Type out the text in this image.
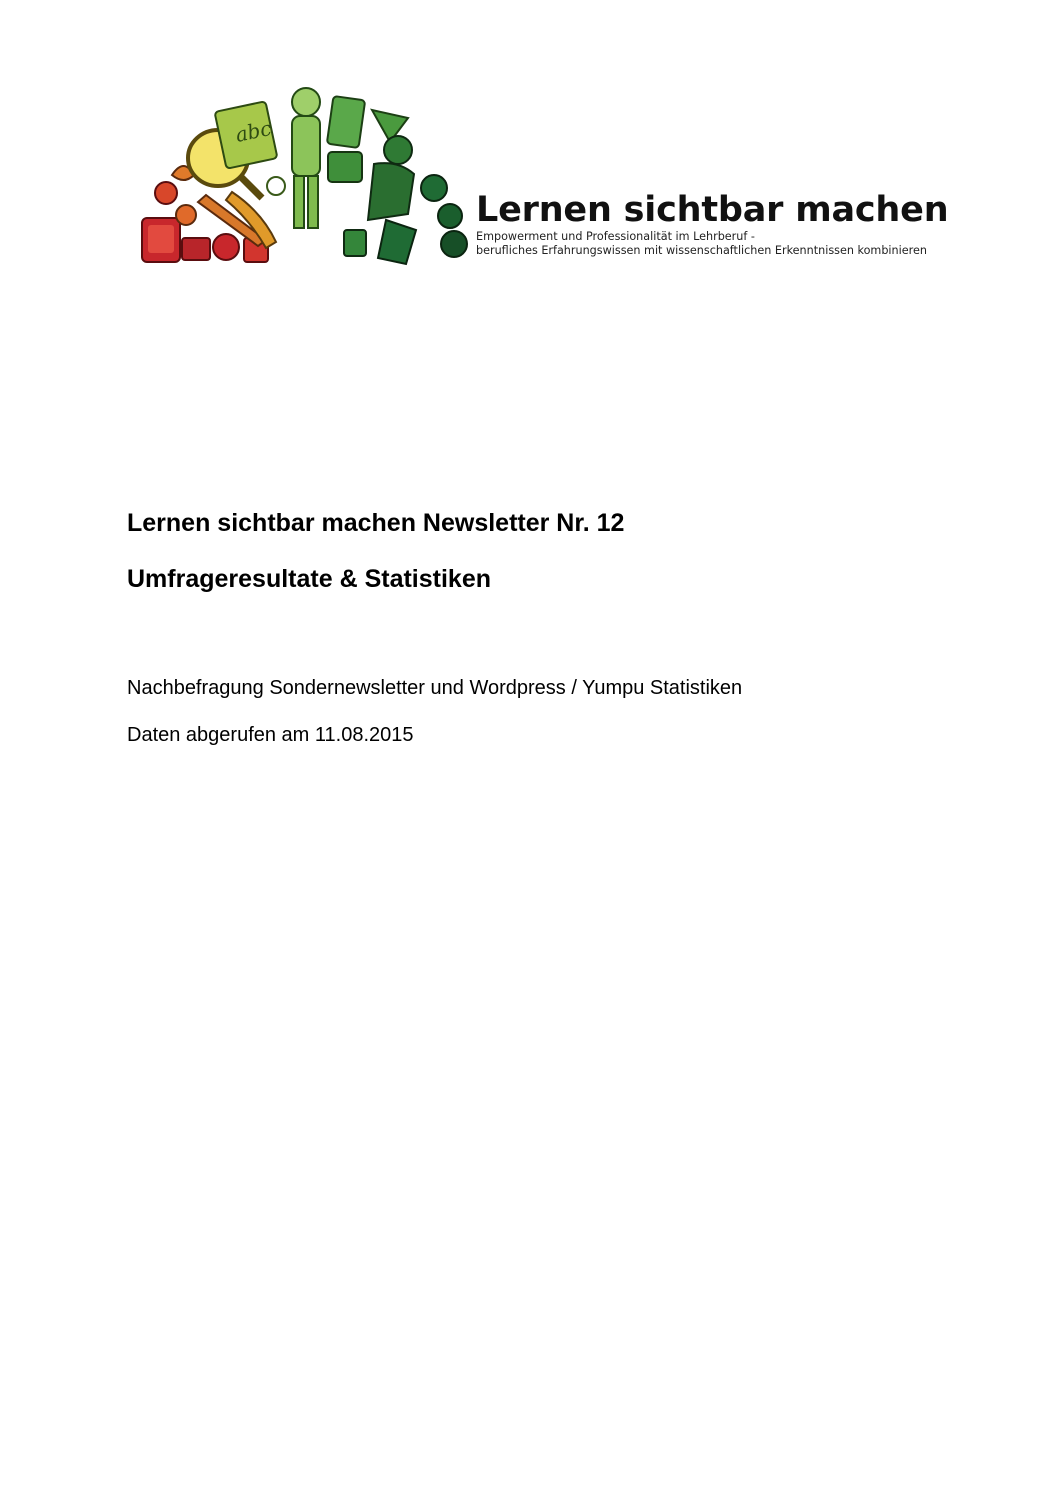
abc

Lernen sichtbar machen

Empowerment und Professionalität im Lehrberuf -

berufliches Erfahrungswissen mit wissenschaftlichen Erkenntnissen kombinieren

Lernen sichtbar machen Newsletter Nr. 12
Umfrageresultate & Statistiken
Nachbefragung Sondernewsletter und Wordpress / Yumpu Statistiken
Daten abgerufen am 11.08.2015
